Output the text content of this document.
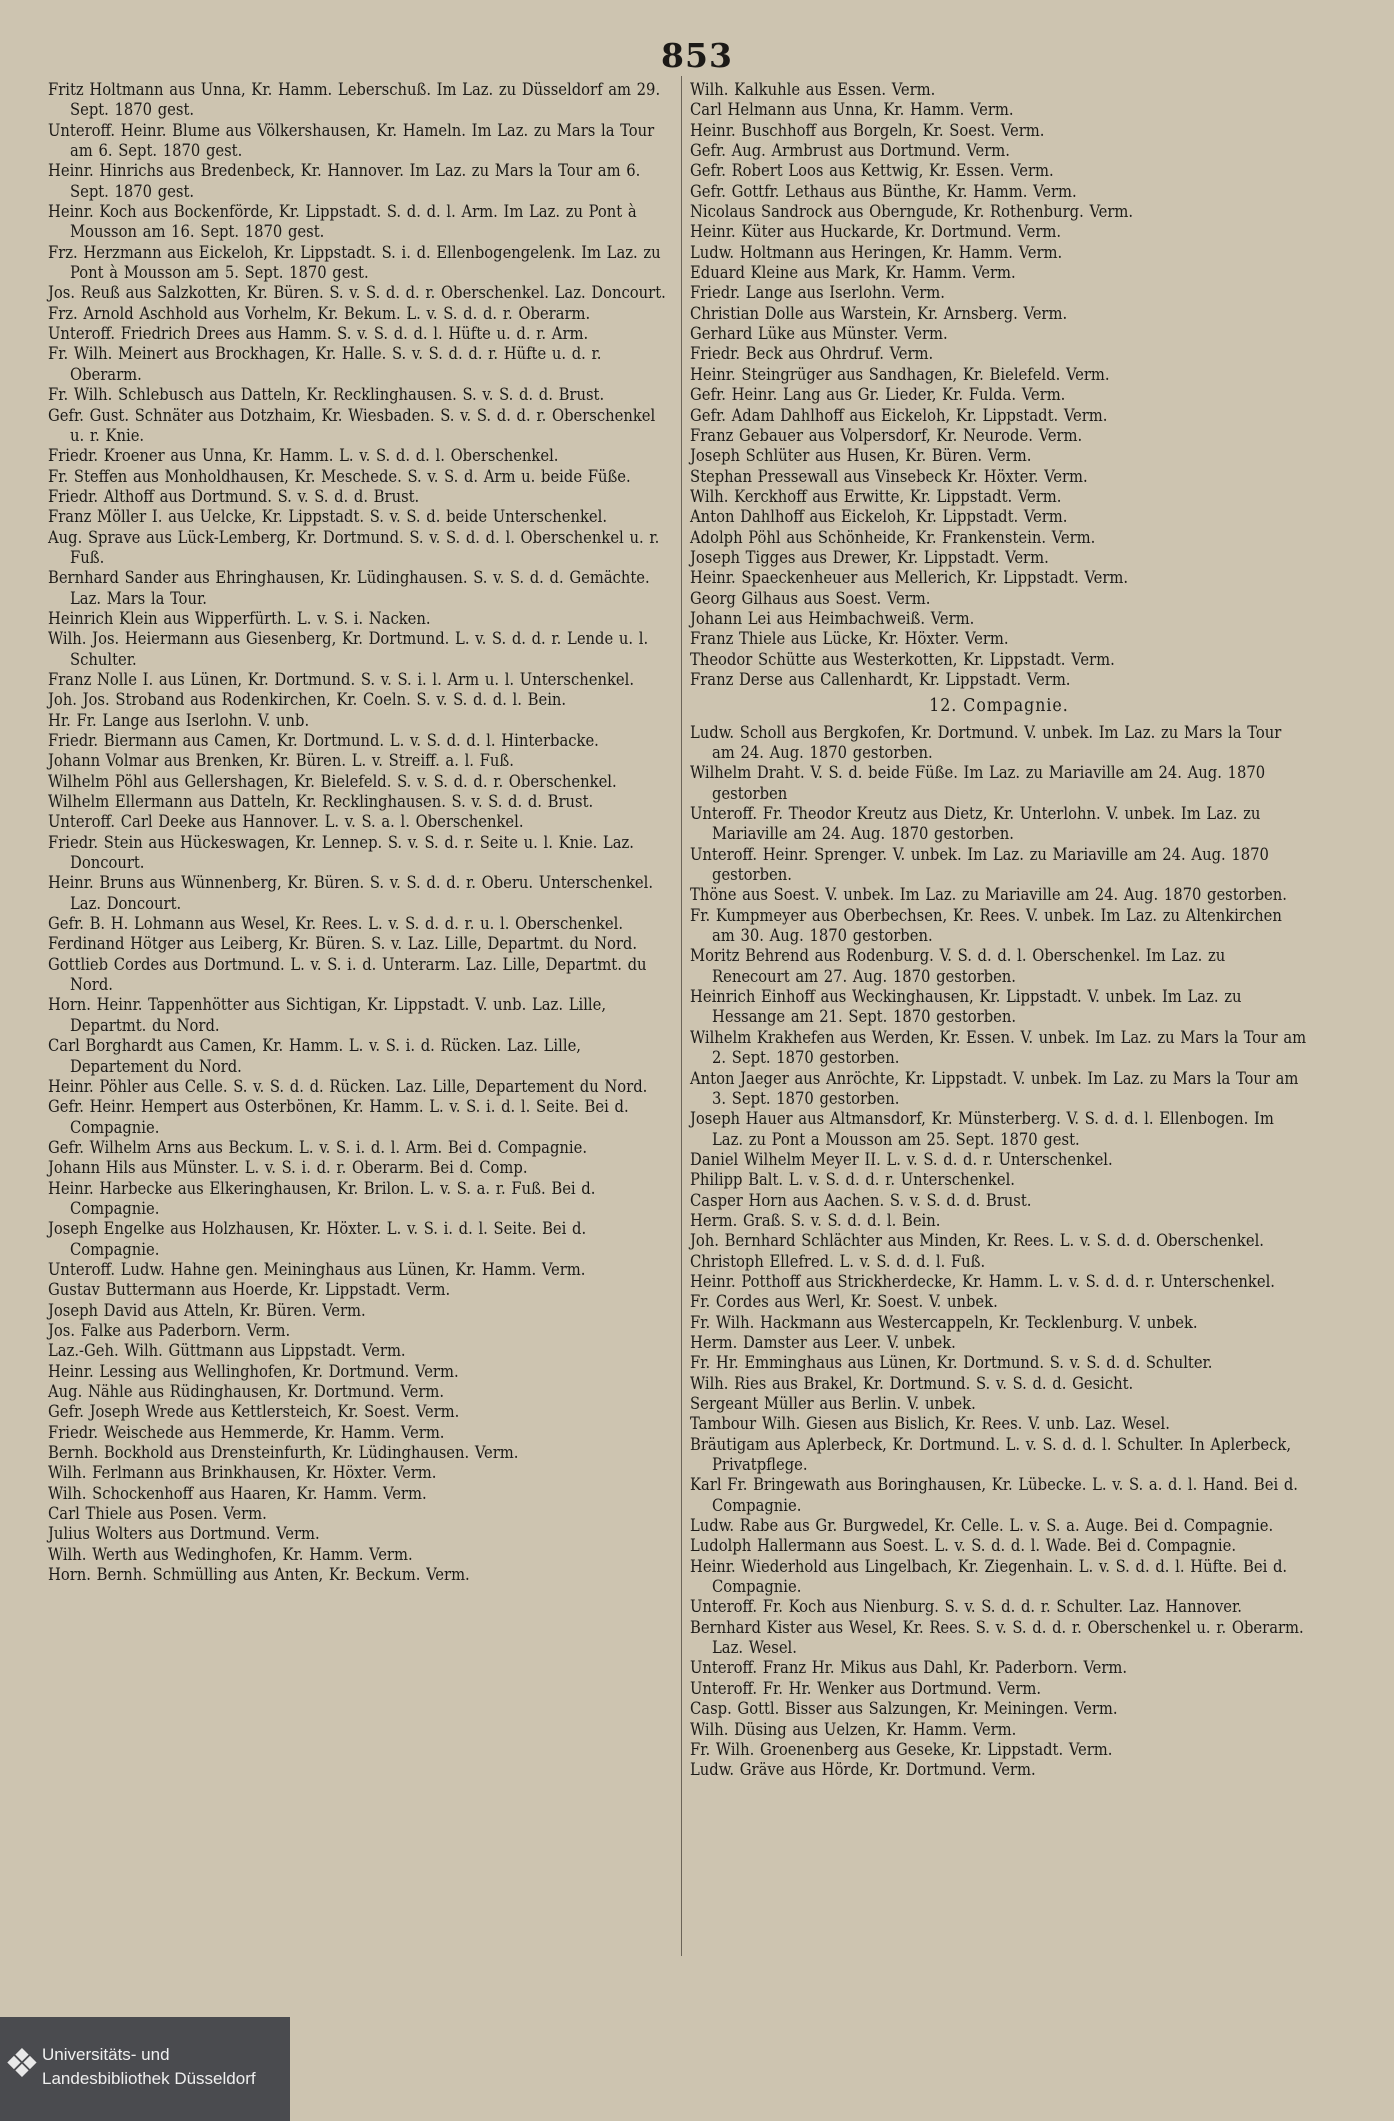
853
Fritz Holtmann aus Unna, Kr. Hamm. Leberschuß. Im Laz. zu Düsseldorf am 29. Sept. 1870 gest.
Unteroff. Heinr. Blume aus Völkershausen, Kr. Hameln. Im Laz. zu Mars la Tour am 6. Sept. 1870 gest.
Heinr. Hinrichs aus Bredenbeck, Kr. Hannover. Im Laz. zu Mars la Tour am 6. Sept. 1870 gest.
Heinr. Koch aus Bockenförde, Kr. Lippstadt. S. d. d. l. Arm. Im Laz. zu Pont à Mousson am 16. Sept. 1870 gest.
Frz. Herzmann aus Eickeloh, Kr. Lippstadt. S. i. d. Ellenbogengelenk. Im Laz. zu Pont à Mousson am 5. Sept. 1870 gest.
Jos. Reuß aus Salzkotten, Kr. Büren. S. v. S. d. d. r. Oberschenkel. Laz. Doncourt.
Frz. Arnold Aschhold aus Vorhelm, Kr. Bekum. L. v. S. d. d. r. Oberarm.
Unteroff. Friedrich Drees aus Hamm. S. v. S. d. d. l. Hüfte u. d. r. Arm.
Fr. Wilh. Meinert aus Brockhagen, Kr. Halle. S. v. S. d. d. r. Hüfte u. d. r. Oberarm.
Fr. Wilh. Schlebusch aus Datteln, Kr. Recklinghausen. S. v. S. d. d. Brust.
Gefr. Gust. Schnäter aus Dotzhaim, Kr. Wiesbaden. S. v. S. d. d. r. Oberschenkel u. r. Knie.
Friedr. Kroener aus Unna, Kr. Hamm. L. v. S. d. d. l. Oberschenkel.
Fr. Steffen aus Monholdhausen, Kr. Meschede. S. v. S. d. Arm u. beide Füße.
Friedr. Althoff aus Dortmund. S. v. S. d. d. Brust.
Franz Möller I. aus Uelcke, Kr. Lippstadt. S. v. S. d. beide Unterschenkel.
Aug. Sprave aus Lück-Lemberg, Kr. Dortmund. S. v. S. d. d. l. Oberschenkel u. r. Fuß.
Bernhard Sander aus Ehringhausen, Kr. Lüdinghausen. S. v. S. d. d. Gemächte. Laz. Mars la Tour.
Heinrich Klein aus Wipperfürth. L. v. S. i. Nacken.
Wilh. Jos. Heiermann aus Giesenberg, Kr. Dortmund. L. v. S. d. d. r. Lende u. l. Schulter.
Franz Nolle I. aus Lünen, Kr. Dortmund. S. v. S. i. l. Arm u. l. Unterschenkel.
Joh. Jos. Stroband aus Rodenkirchen, Kr. Coeln. S. v. S. d. d. l. Bein.
Hr. Fr. Lange aus Iserlohn. V. unb.
Friedr. Biermann aus Camen, Kr. Dortmund. L. v. S. d. d. l. Hinterbacke.
Johann Volmar aus Brenken, Kr. Büren. L. v. Streiff. a. l. Fuß.
Wilhelm Pöhl aus Gellershagen, Kr. Bielefeld. S. v. S. d. d. r. Oberschenkel.
Wilhelm Ellermann aus Datteln, Kr. Recklinghausen. S. v. S. d. d. Brust.
Unteroff. Carl Deeke aus Hannover. L. v. S. a. l. Oberschenkel.
Friedr. Stein aus Hückeswagen, Kr. Lennep. S. v. S. d. r. Seite u. l. Knie. Laz. Doncourt.
Heinr. Bruns aus Wünnenberg, Kr. Büren. S. v. S. d. d. r. Oberu. Unterschenkel. Laz. Doncourt.
Gefr. B. H. Lohmann aus Wesel, Kr. Rees. L. v. S. d. d. r. u. l. Oberschenkel.
Ferdinand Hötger aus Leiberg, Kr. Büren. S. v. Laz. Lille, Departmt. du Nord.
Gottlieb Cordes aus Dortmund. L. v. S. i. d. Unterarm. Laz. Lille, Departmt. du Nord.
Horn. Heinr. Tappenhötter aus Sichtigan, Kr. Lippstadt. V. unb. Laz. Lille, Departmt. du Nord.
Carl Borghardt aus Camen, Kr. Hamm. L. v. S. i. d. Rücken. Laz. Lille, Departement du Nord.
Heinr. Pöhler aus Celle. S. v. S. d. d. Rücken. Laz. Lille, Departement du Nord.
Gefr. Heinr. Hempert aus Osterbönen, Kr. Hamm. L. v. S. i. d. l. Seite. Bei d. Compagnie.
Gefr. Wilhelm Arns aus Beckum. L. v. S. i. d. l. Arm. Bei d. Compagnie.
Johann Hils aus Münster. L. v. S. i. d. r. Oberarm. Bei d. Comp.
Heinr. Harbecke aus Elkeringhausen, Kr. Brilon. L. v. S. a. r. Fuß. Bei d. Compagnie.
Joseph Engelke aus Holzhausen, Kr. Höxter. L. v. S. i. d. l. Seite. Bei d. Compagnie.
Unteroff. Ludw. Hahne gen. Meininghaus aus Lünen, Kr. Hamm. Verm.
Gustav Buttermann aus Hoerde, Kr. Lippstadt. Verm.
Joseph David aus Atteln, Kr. Büren. Verm.
Jos. Falke aus Paderborn. Verm.
Laz.-Geh. Wilh. Güttmann aus Lippstadt. Verm.
Heinr. Lessing aus Wellinghofen, Kr. Dortmund. Verm.
Aug. Nähle aus Rüdinghausen, Kr. Dortmund. Verm.
Gefr. Joseph Wrede aus Kettlersteich, Kr. Soest. Verm.
Friedr. Weischede aus Hemmerde, Kr. Hamm. Verm.
Bernh. Bockhold aus Drensteinfurth, Kr. Lüdinghausen. Verm.
Wilh. Ferlmann aus Brinkhausen, Kr. Höxter. Verm.
Wilh. Schockenhoff aus Haaren, Kr. Hamm. Verm.
Carl Thiele aus Posen. Verm.
Julius Wolters aus Dortmund. Verm.
Wilh. Werth aus Wedinghofen, Kr. Hamm. Verm.
Horn. Bernh. Schmülling aus Anten, Kr. Beckum. Verm.
Wilh. Kalkuhle aus Essen. Verm.
Carl Helmann aus Unna, Kr. Hamm. Verm.
Heinr. Buschhoff aus Borgeln, Kr. Soest. Verm.
Gefr. Aug. Armbrust aus Dortmund. Verm.
Gefr. Robert Loos aus Kettwig, Kr. Essen. Verm.
Gefr. Gottfr. Lethaus aus Bünthe, Kr. Hamm. Verm.
Nicolaus Sandrock aus Oberngude, Kr. Rothenburg. Verm.
Heinr. Küter aus Huckarde, Kr. Dortmund. Verm.
Ludw. Holtmann aus Heringen, Kr. Hamm. Verm.
Eduard Kleine aus Mark, Kr. Hamm. Verm.
Friedr. Lange aus Iserlohn. Verm.
Christian Dolle aus Warstein, Kr. Arnsberg. Verm.
Gerhard Lüke aus Münster. Verm.
Friedr. Beck aus Ohrdruf. Verm.
Heinr. Steingrüger aus Sandhagen, Kr. Bielefeld. Verm.
Gefr. Heinr. Lang aus Gr. Lieder, Kr. Fulda. Verm.
Gefr. Adam Dahlhoff aus Eickeloh, Kr. Lippstadt. Verm.
Franz Gebauer aus Volpersdorf, Kr. Neurode. Verm.
Joseph Schlüter aus Husen, Kr. Büren. Verm.
Stephan Pressewall aus Vinsebeck Kr. Höxter. Verm.
Wilh. Kerckhoff aus Erwitte, Kr. Lippstadt. Verm.
Anton Dahlhoff aus Eickeloh, Kr. Lippstadt. Verm.
Adolph Pöhl aus Schönheide, Kr. Frankenstein. Verm.
Joseph Tigges aus Drewer, Kr. Lippstadt. Verm.
Heinr. Spaeckenheuer aus Mellerich, Kr. Lippstadt. Verm.
Georg Gilhaus aus Soest. Verm.
Johann Lei aus Heimbachweiß. Verm.
Franz Thiele aus Lücke, Kr. Höxter. Verm.
Theodor Schütte aus Westerkotten, Kr. Lippstadt. Verm.
Franz Derse aus Callenhardt, Kr. Lippstadt. Verm.
12. Compagnie.
Ludw. Scholl aus Bergkofen, Kr. Dortmund. V. unbek. Im Laz. zu Mars la Tour am 24. Aug. 1870 gestorben.
Wilhelm Draht. V. S. d. beide Füße. Im Laz. zu Mariaville am 24. Aug. 1870 gestorben
Unteroff. Fr. Theodor Kreutz aus Dietz, Kr. Unterlohn. V. unbek. Im Laz. zu Mariaville am 24. Aug. 1870 gestorben.
Unteroff. Heinr. Sprenger. V. unbek. Im Laz. zu Mariaville am 24. Aug. 1870 gestorben.
Thöne aus Soest. V. unbek. Im Laz. zu Mariaville am 24. Aug. 1870 gestorben.
Fr. Kumpmeyer aus Oberbechsen, Kr. Rees. V. unbek. Im Laz. zu Altenkirchen am 30. Aug. 1870 gestorben.
Moritz Behrend aus Rodenburg. V. S. d. d. l. Oberschenkel. Im Laz. zu Renecourt am 27. Aug. 1870 gestorben.
Heinrich Einhoff aus Weckinghausen, Kr. Lippstadt. V. unbek. Im Laz. zu Hessange am 21. Sept. 1870 gestorben.
Wilhelm Krakhefen aus Werden, Kr. Essen. V. unbek. Im Laz. zu Mars la Tour am 2. Sept. 1870 gestorben.
Anton Jaeger aus Anröchte, Kr. Lippstadt. V. unbek. Im Laz. zu Mars la Tour am 3. Sept. 1870 gestorben.
Joseph Hauer aus Altmansdorf, Kr. Münsterberg. V. S. d. d. l. Ellenbogen. Im Laz. zu Pont a Mousson am 25. Sept. 1870 gest.
Daniel Wilhelm Meyer II. L. v. S. d. d. r. Unterschenkel.
Philipp Balt. L. v. S. d. d. r. Unterschenkel.
Casper Horn aus Aachen. S. v. S. d. d. Brust.
Herm. Graß. S. v. S. d. d. l. Bein.
Joh. Bernhard Schlächter aus Minden, Kr. Rees. L. v. S. d. d. Oberschenkel.
Christoph Ellefred. L. v. S. d. d. l. Fuß.
Heinr. Potthoff aus Strickherdecke, Kr. Hamm. L. v. S. d. d. r. Unterschenkel.
Fr. Cordes aus Werl, Kr. Soest. V. unbek.
Fr. Wilh. Hackmann aus Westercappeln, Kr. Tecklenburg. V. unbek.
Herm. Damster aus Leer. V. unbek.
Fr. Hr. Emminghaus aus Lünen, Kr. Dortmund. S. v. S. d. d. Schulter.
Wilh. Ries aus Brakel, Kr. Dortmund. S. v. S. d. d. Gesicht.
Sergeant Müller aus Berlin. V. unbek.
Tambour Wilh. Giesen aus Bislich, Kr. Rees. V. unb. Laz. Wesel.
Bräutigam aus Aplerbeck, Kr. Dortmund. L. v. S. d. d. l. Schulter. In Aplerbeck, Privatpflege.
Karl Fr. Bringewath aus Boringhausen, Kr. Lübecke. L. v. S. a. d. l. Hand. Bei d. Compagnie.
Ludw. Rabe aus Gr. Burgwedel, Kr. Celle. L. v. S. a. Auge. Bei d. Compagnie.
Ludolph Hallermann aus Soest. L. v. S. d. d. l. Wade. Bei d. Compagnie.
Heinr. Wiederhold aus Lingelbach, Kr. Ziegenhain. L. v. S. d. d. l. Hüfte. Bei d. Compagnie.
Unteroff. Fr. Koch aus Nienburg. S. v. S. d. d. r. Schulter. Laz. Hannover.
Bernhard Kister aus Wesel, Kr. Rees. S. v. S. d. d. r. Oberschenkel u. r. Oberarm. Laz. Wesel.
Unteroff. Franz Hr. Mikus aus Dahl, Kr. Paderborn. Verm.
Unteroff. Fr. Hr. Wenker aus Dortmund. Verm.
Casp. Gottl. Bisser aus Salzungen, Kr. Meiningen. Verm.
Wilh. Düsing aus Uelzen, Kr. Hamm. Verm.
Fr. Wilh. Groenenberg aus Geseke, Kr. Lippstadt. Verm.
Ludw. Gräve aus Hörde, Kr. Dortmund. Verm.
❖ Universitäts- und
Landesbibliothek Düsseldorf
